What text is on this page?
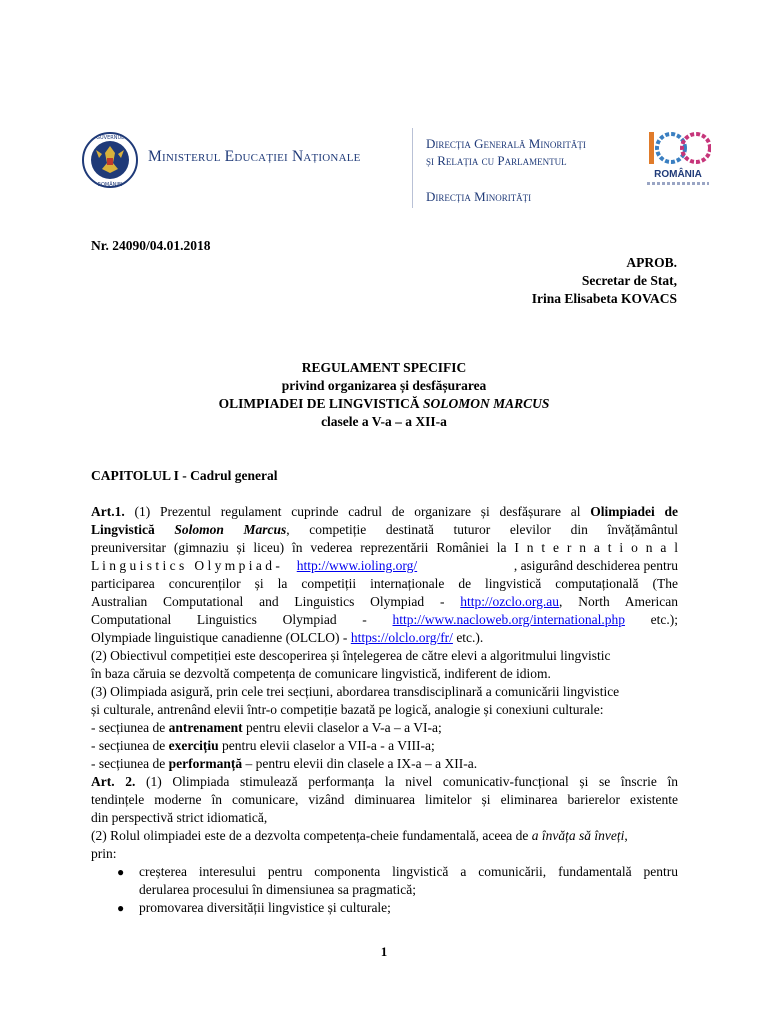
GUVERNUL
ROMÂNIEI
Ministerul Educației Naționale
Direcția Generală Minorități
și Relația cu Parlamentul
Direcția Minorități
100
ROMÂNIA
Nr. 24090/04.01.2018
APROB.
Secretar de Stat,
Irina Elisabeta KOVACS
REGULAMENT SPECIFIC
privind organizarea și desfășurarea
OLIMPIADEI DE LINGVISTICĂ SOLOMON MARCUS
clasele a V-a – a XII-a
CAPITOLUL I - Cadrul general
Art.1. (1) Prezentul regulament cuprinde cadrul de organizare și desfășurare al Olimpiadei de
Lingvistică Solomon Marcus, competiție destinată tuturor elevilor din învățământul
preuniversitar (gimnaziu și liceu) în vederea reprezentării României la I n t e r n a t i o n a l
L i n g u i s t i c s   O l y m p i a d -     http://www.ioling.org/	, asigurând deschiderea pentru
participarea concurenților și la competiții internaționale de lingvistică computațională (The
Australian Computational and Linguistics Olympiad - http://ozclo.org.au, North American
Computational Linguistics Olympiad - http://www.nacloweb.org/international.php etc.);
Olympiade linguistique canadienne (OLCLO) - https://olclo.org/fr/ etc.).
(2) Obiectivul competiției este descoperirea și înțelegerea de către elevi a algoritmului lingvistic
în baza căruia se dezvoltă competența de comunicare lingvistică, indiferent de idiom.
(3) Olimpiada asigură, prin cele trei secțiuni, abordarea transdisciplinară a comunicării lingvistice
și culturale, antrenând elevii într-o competiție bazată pe logică, analogie și conexiuni culturale:
- secțiunea de antrenament pentru elevii claselor a V-a – a VI-a;
- secțiunea de exercițiu pentru elevii claselor a VII-a - a VIII-a;
- secțiunea de performanță – pentru elevii din clasele a IX-a – a XII-a.
Art. 2. (1) Olimpiada stimulează performanța la nivel comunicativ-funcțional și se înscrie în
tendințele moderne în comunicare, vizând diminuarea limitelor și eliminarea barierelor existente
din perspectivă strict idiomatică,
(2) Rolul olimpiadei este de a dezvolta competența-cheie fundamentală, aceea de a învăța să înveți,
prin:
● creșterea interesului pentru componenta lingvistică a comunicării, fundamentală pentru
derularea procesului în dimensiunea sa pragmatică;
● promovarea diversității lingvistice și culturale;
1
